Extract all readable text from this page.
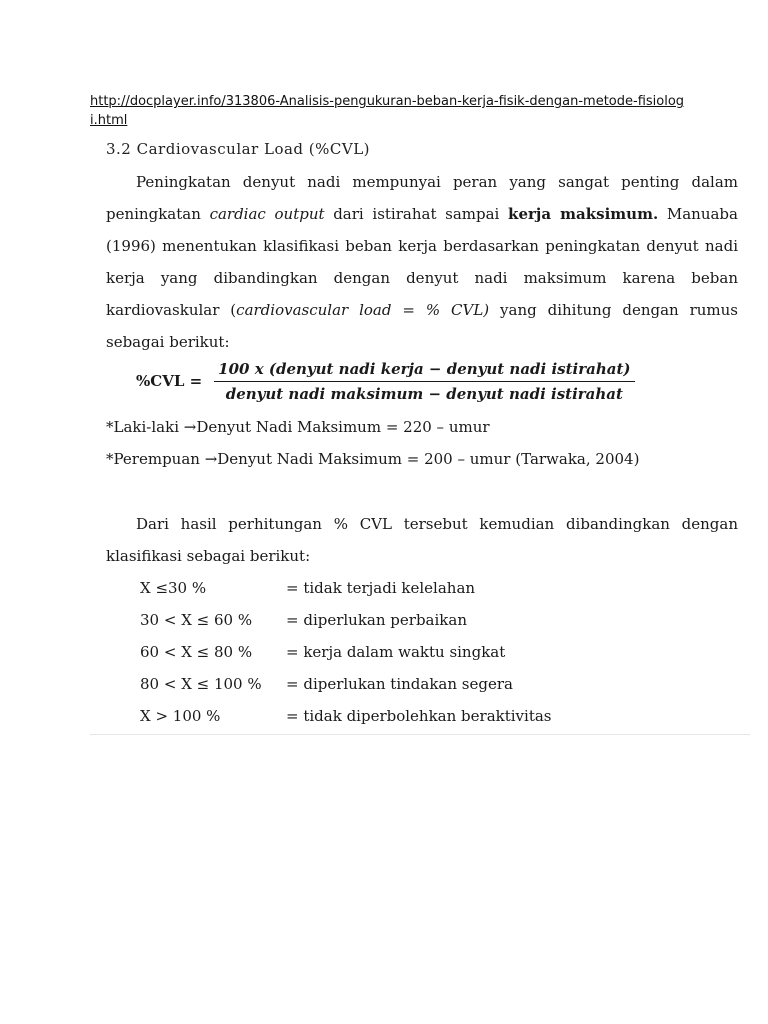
http://docplayer.info/313806-Analisis-pengukuran-beban-kerja-fisik-dengan-metode-fisiologi.html
3.2 Cardiovascular Load (%CVL)
Peningkatan denyut nadi mempunyai peran yang sangat penting dalam peningkatan cardiac output dari istirahat sampai kerja maksimum. Manuaba (1996) menentukan klasifikasi beban kerja berdasarkan peningkatan denyut nadi kerja yang dibandingkan dengan denyut nadi maksimum karena beban kardiovaskular (cardiovascular load = % CVL) yang dihitung dengan rumus sebagai berikut:
$\%CVL = \frac{\text{100 x (denyut nadi kerja − denyut nadi istirahat)}}{\text{denyut nadi maksimum − denyut nadi istirahat}}$
*Laki-laki →Denyut Nadi Maksimum = 220 – umur
*Perempuan →Denyut Nadi Maksimum = 200 – umur (Tarwaka, 2004)
Dari hasil perhitungan % CVL tersebut kemudian dibandingkan dengan klasifikasi sebagai berikut:
X ≤30 %	= tidak terjadi kelelahan
30 < X ≤ 60 %	= diperlukan perbaikan
60 < X ≤ 80 %	= kerja dalam waktu singkat
80 < X ≤ 100 %	= diperlukan tindakan segera
X > 100 %	= tidak diperbolehkan beraktivitas
